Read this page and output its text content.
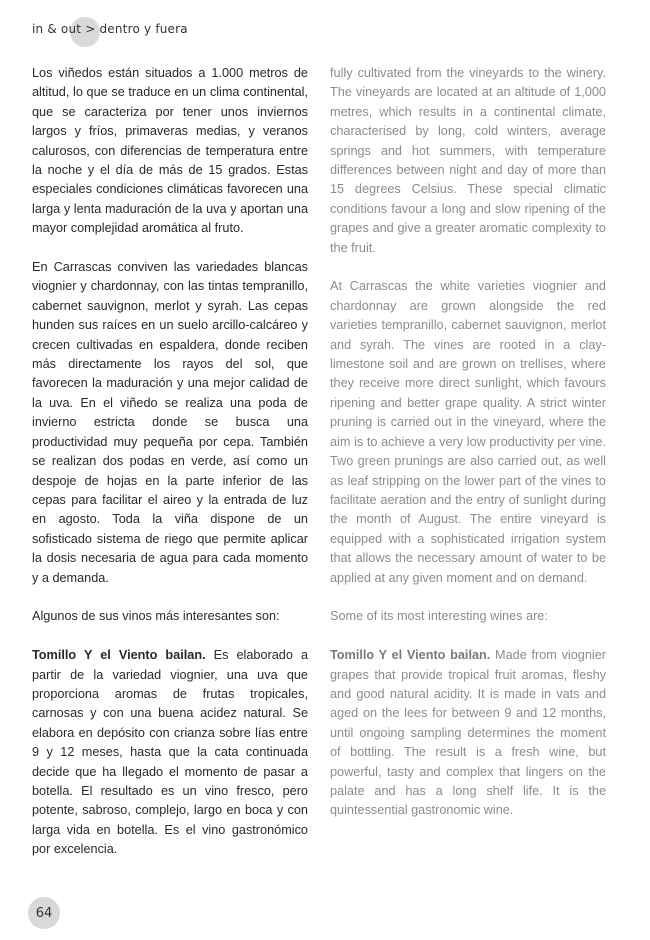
in & out > dentro y fuera

Los viñedos están situados a 1.000 metros de altitud, lo que se traduce en un clima continental, que se caracteriza por tener unos inviernos largos y fríos, primaveras medias, y veranos calurosos, con diferencias de temperatura entre la noche y el día de más de 15 grados. Estas especiales condiciones climáticas favorecen una larga y lenta maduración de la uva y aportan una mayor complejidad aromática al fruto.

En Carrascas conviven las variedades blancas viognier y chardonnay, con las tintas tempranillo, cabernet sauvignon, merlot y syrah. Las cepas hunden sus raíces en un suelo arcillo-calcáreo y crecen cultivadas en espaldera, donde reciben más directamente los rayos del sol, que favorecen la maduración y una mejor calidad de la uva. En el viñedo se realiza una poda de invierno estricta donde se busca una productividad muy pequeña por cepa. También se realizan dos podas en verde, así como un despoje de hojas en la parte inferior de las cepas para facilitar el aireo y la entrada de luz en agosto. Toda la viña dispone de un sofisticado sistema de riego que permite aplicar la dosis necesaria de agua para cada momento y a demanda.

Algunos de sus vinos más interesantes son:

Tomillo Y el Viento bailan. Es elaborado a partir de la variedad viognier, una uva que proporciona aromas de frutas tropicales, carnosas y con una buena acidez natural. Se elabora en depósito con crianza sobre lías entre 9 y 12 meses, hasta que la cata continuada decide que ha llegado el momento de pasar a botella. El resultado es un vino fresco, pero potente, sabroso, complejo, largo en boca y con larga vida en botella. Es el vino gastronómico por excelencia.

fully cultivated from the vineyards to the winery. The vineyards are located at an altitude of 1,000 metres, which results in a continental climate, characterised by long, cold winters, average springs and hot summers, with temperature differences between night and day of more than 15 degrees Celsius. These special climatic conditions favour a long and slow ripening of the grapes and give a greater aromatic complexity to the fruit.

At Carrascas the white varieties viognier and chardonnay are grown alongside the red varieties tempranillo, cabernet sauvignon, merlot and syrah. The vines are rooted in a clay-limestone soil and are grown on trellises, where they receive more direct sunlight, which favours ripening and better grape quality. A strict winter pruning is carried out in the vineyard, where the aim is to achieve a very low productivity per vine. Two green prunings are also carried out, as well as leaf stripping on the lower part of the vines to facilitate aeration and the entry of sunlight during the month of August. The entire vineyard is equipped with a sophisticated irrigation system that allows the necessary amount of water to be applied at any given moment and on demand.

Some of its most interesting wines are:

Tomillo Y el Viento bailan. Made from viognier grapes that provide tropical fruit aromas, fleshy and good natural acidity. It is made in vats and aged on the lees for between 9 and 12 months, until ongoing sampling determines the moment of bottling. The result is a fresh wine, but powerful, tasty and complex that lingers on the palate and has a long shelf life. It is the quintessential gastronomic wine.

64
